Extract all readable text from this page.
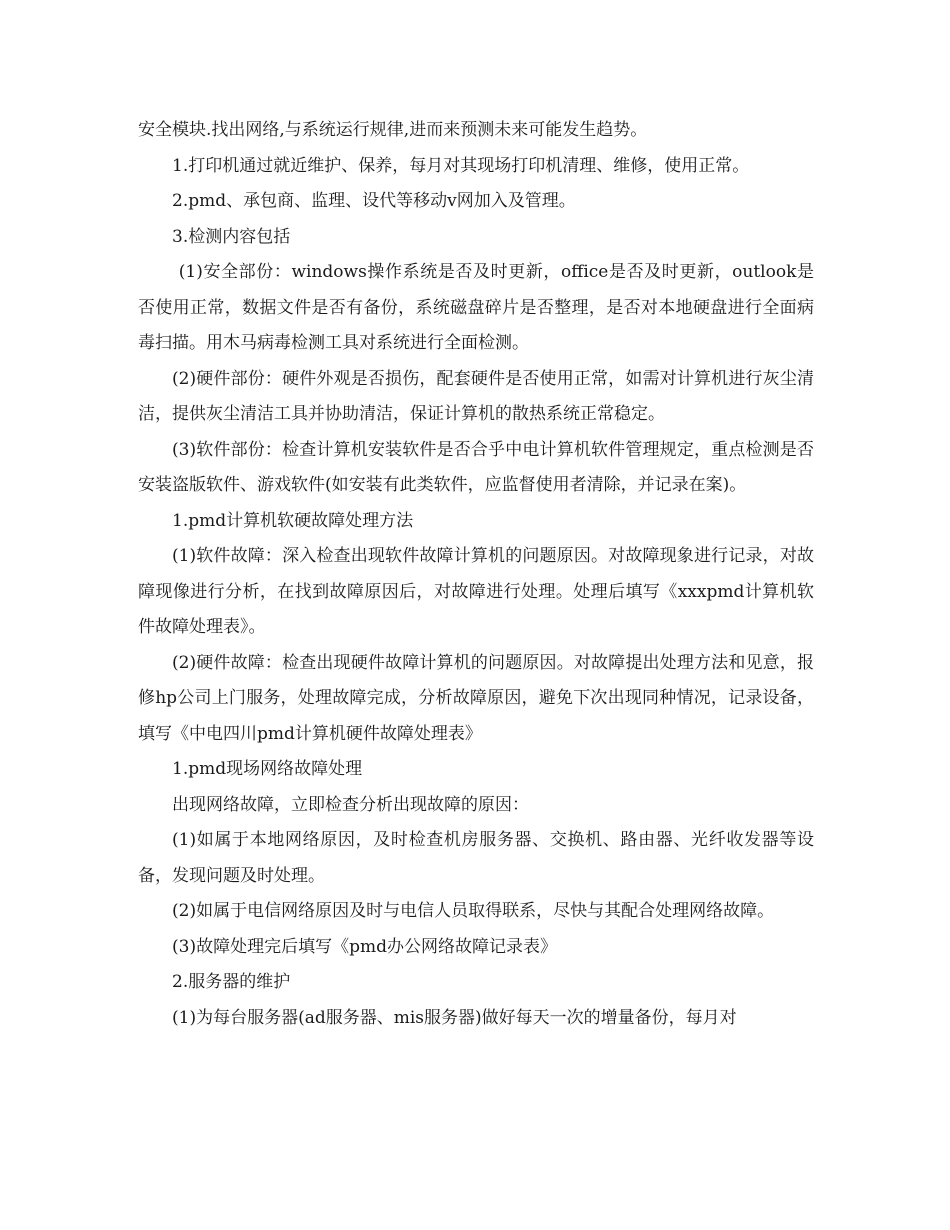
安全模块.找出网络,与系统运行规律,进而来预测未来可能发生趋势。

1.打印机通过就近维护、保养，每月对其现场打印机清理、维修，使用正常。

2.pmd、承包商、监理、设代等移动v网加入及管理。

3.检测内容包括

(1)安全部份：windows操作系统是否及时更新，office是否及时更新，outlook是否使用正常，数据文件是否有备份，系统磁盘碎片是否整理，是否对本地硬盘进行全面病毒扫描。用木马病毒检测工具对系统进行全面检测。

(2)硬件部份：硬件外观是否损伤，配套硬件是否使用正常，如需对计算机进行灰尘清洁，提供灰尘清洁工具并协助清洁，保证计算机的散热系统正常稳定。

(3)软件部份：检查计算机安装软件是否合乎中电计算机软件管理规定，重点检测是否安装盗版软件、游戏软件(如安装有此类软件，应监督使用者清除，并记录在案)。

1.pmd计算机软硬故障处理方法

(1)软件故障：深入检查出现软件故障计算机的问题原因。对故障现象进行记录，对故障现像进行分析，在找到故障原因后，对故障进行处理。处理后填写《xxxpmd计算机软件故障处理表》。

(2)硬件故障：检查出现硬件故障计算机的问题原因。对故障提出处理方法和见意，报修hp公司上门服务，处理故障完成，分析故障原因，避免下次出现同种情况，记录设备，填写《中电四川pmd计算机硬件故障处理表》

1.pmd现场网络故障处理

出现网络故障，立即检查分析出现故障的原因：

(1)如属于本地网络原因，及时检查机房服务器、交换机、路由器、光纤收发器等设备，发现问题及时处理。

(2)如属于电信网络原因及时与电信人员取得联系，尽快与其配合处理网络故障。

(3)故障处理完后填写《pmd办公网络故障记录表》

2.服务器的维护

(1)为每台服务器(ad服务器、mis服务器)做好每天一次的增量备份，每月对
